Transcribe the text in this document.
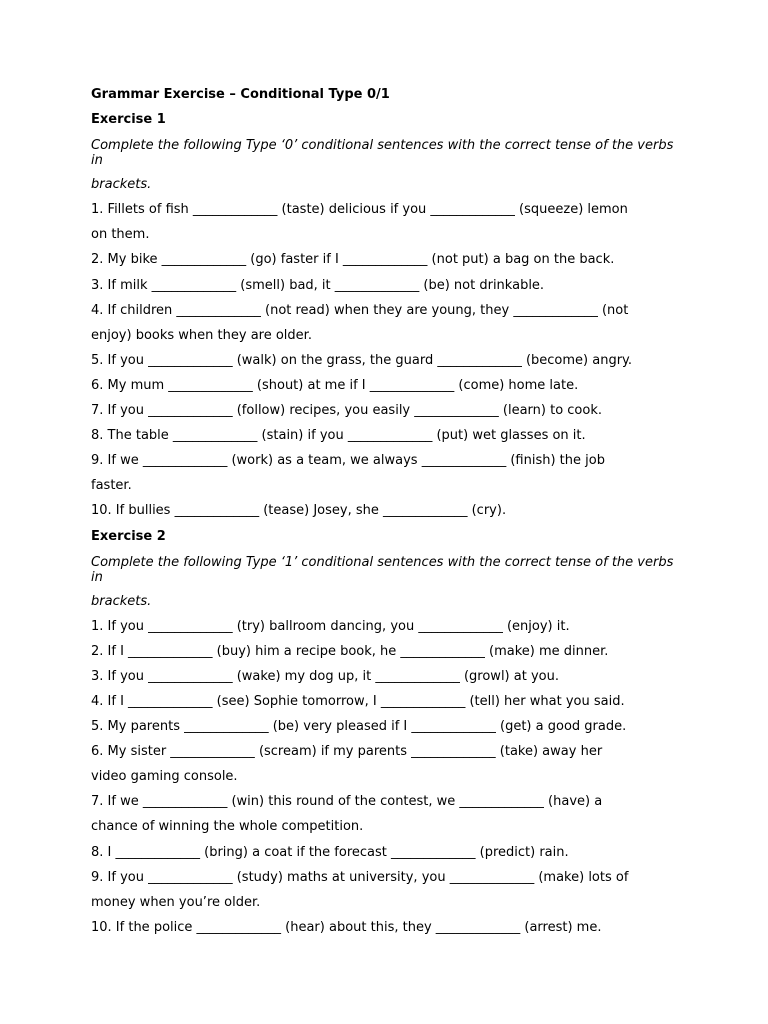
Grammar Exercise – Conditional Type 0/1

Exercise 1

Complete the following Type ‘0’ conditional sentences with the correct tense of the verbs in

brackets.

1. Fillets of fish _____________ (taste) delicious if you _____________ (squeeze) lemon

on them.

2. My bike _____________ (go) faster if I _____________ (not put) a bag on the back.

3. If milk _____________ (smell) bad, it _____________ (be) not drinkable.

4. If children _____________ (not read) when they are young, they _____________ (not

enjoy) books when they are older.

5. If you _____________ (walk) on the grass, the guard _____________ (become) angry.

6. My mum _____________ (shout) at me if I _____________ (come) home late.

7. If you _____________ (follow) recipes, you easily _____________ (learn) to cook.

8. The table _____________ (stain) if you _____________ (put) wet glasses on it.

9. If we _____________ (work) as a team, we always _____________ (finish) the job

faster.

10. If bullies _____________ (tease) Josey, she _____________ (cry).

Exercise 2

Complete the following Type ‘1’ conditional sentences with the correct tense of the verbs in

brackets.

1. If you _____________ (try) ballroom dancing, you _____________ (enjoy) it.

2. If I _____________ (buy) him a recipe book, he _____________ (make) me dinner.

3. If you _____________ (wake) my dog up, it _____________ (growl) at you.

4. If I _____________ (see) Sophie tomorrow, I _____________ (tell) her what you said.

5. My parents _____________ (be) very pleased if I _____________ (get) a good grade.

6. My sister _____________ (scream) if my parents _____________ (take) away her

video gaming console.

7. If we _____________ (win) this round of the contest, we _____________ (have) a

chance of winning the whole competition.

8. I _____________ (bring) a coat if the forecast _____________ (predict) rain.

9. If you _____________ (study) maths at university, you _____________ (make) lots of

money when you’re older.

10. If the police _____________ (hear) about this, they _____________ (arrest) me.
